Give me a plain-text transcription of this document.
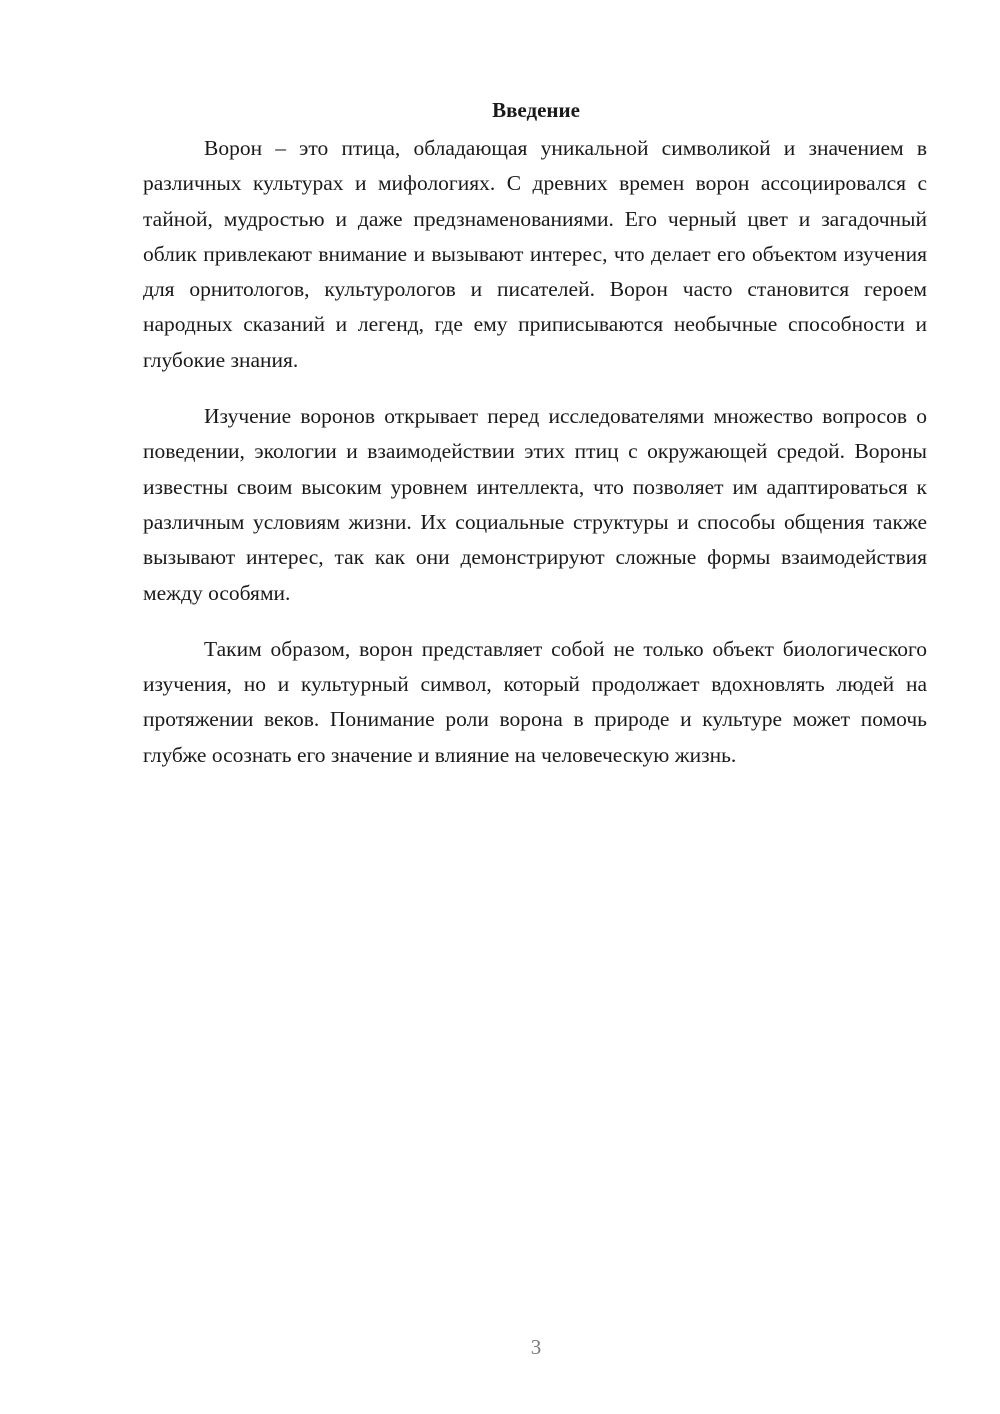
Введение

Ворон – это птица, обладающая уникальной символикой и значением в различных культурах и мифологиях. С древних времен ворон ассоциировался с тайной, мудростью и даже предзнаменованиями. Его черный цвет и загадочный облик привлекают внимание и вызывают интерес, что делает его объектом изучения для орнитологов, культурологов и писателей. Ворон часто становится героем народных сказаний и легенд, где ему приписываются необычные способности и глубокие знания.

Изучение воронов открывает перед исследователями множество вопросов о поведении, экологии и взаимодействии этих птиц с окружающей средой. Вороны известны своим высоким уровнем интеллекта, что позволяет им адаптироваться к различным условиям жизни. Их социальные структуры и способы общения также вызывают интерес, так как они демонстрируют сложные формы взаимодействия между особями.

Таким образом, ворон представляет собой не только объект биологического изучения, но и культурный символ, который продолжает вдохновлять людей на протяжении веков. Понимание роли ворона в природе и культуре может помочь глубже осознать его значение и влияние на человеческую жизнь.

3
